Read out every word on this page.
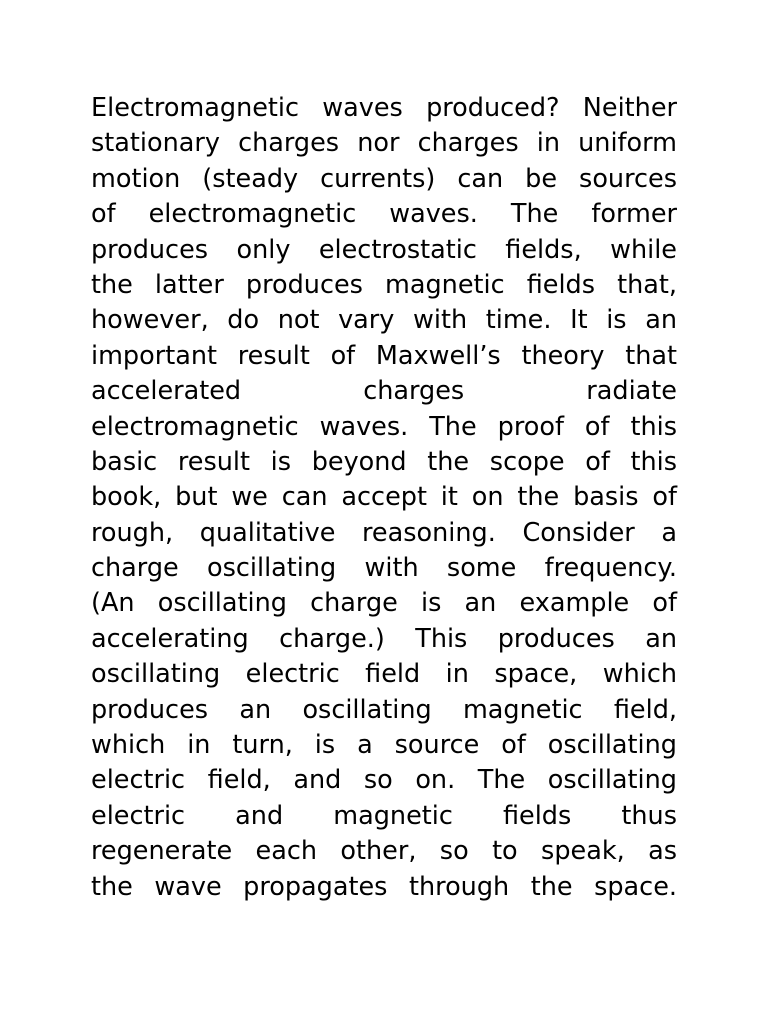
Electromagnetic waves produced? Neither
stationary charges nor charges in uniform
motion (steady currents) can be sources
of electromagnetic waves. The former
produces only electrostatic fields, while
the latter produces magnetic fields that,
however, do not vary with time. It is an
important result of Maxwell’s theory that
accelerated charges radiate
electromagnetic waves. The proof of this
basic result is beyond the scope of this
book, but we can accept it on the basis of
rough, qualitative reasoning. Consider a
charge oscillating with some frequency.
(An oscillating charge is an example of
accelerating charge.) This produces an
oscillating electric field in space, which
produces an oscillating magnetic field,
which in turn, is a source of oscillating
electric field, and so on. The oscillating
electric and magnetic fields thus
regenerate each other, so to speak, as
the wave propagates through the space.
